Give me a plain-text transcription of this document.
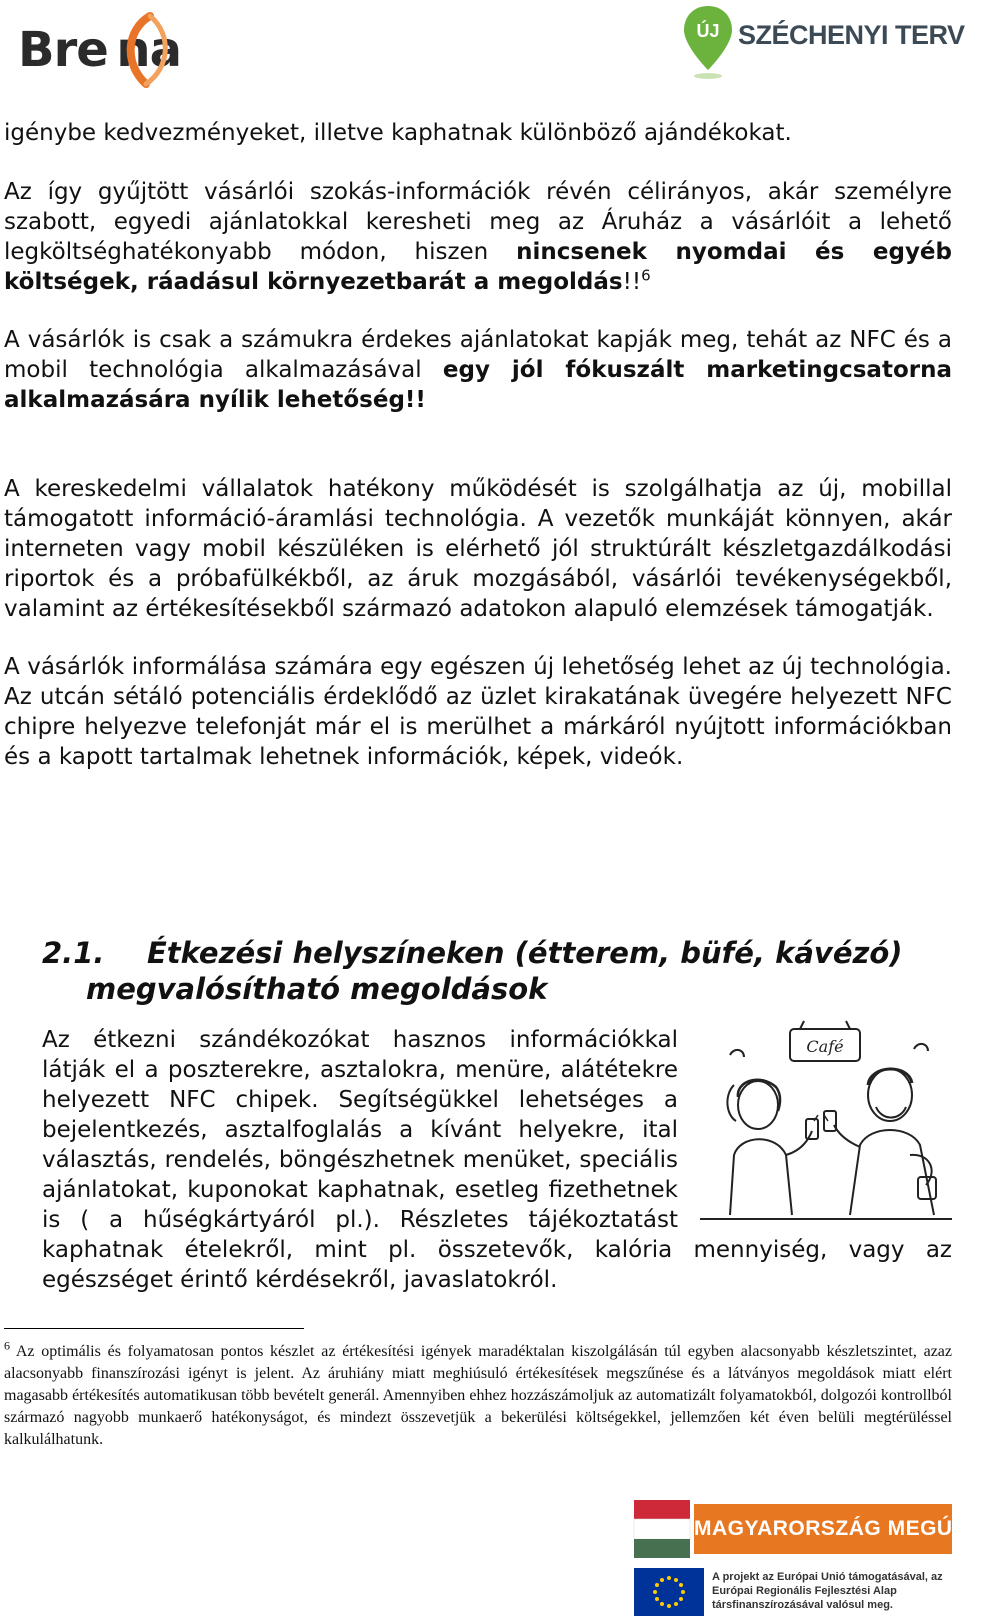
Bre na	ÚJ SZÉCHENYI TERV

igénybe kedvezményeket, illetve kaphatnak különböző ajándékokat.

Az így gyűjtött vásárlói szokás-információk révén célirányos, akár személyre szabott, egyedi ajánlatokkal keresheti meg az Áruház a vásárlóit a lehető legköltséghatékonyabb módon, hiszen nincsenek nyomdai és egyéb költségek, ráadásul környezetbarát a megoldás!!$^6$

A vásárlók is csak a számukra érdekes ajánlatokat kapják meg, tehát az NFC és a mobil technológia alkalmazásával egy jól fókuszált marketingcsatorna alkalmazására nyílik lehetőség!!

A kereskedelmi vállalatok hatékony működését is szolgálhatja az új, mobillal támogatott információ-áramlási technológia. A vezetők munkáját könnyen, akár interneten vagy mobil készüléken is elérhető jól struktúrált készletgazdálkodási riportok és a próbafülkékből, az áruk mozgásából, vásárlói tevékenységekből, valamint az értékesítésekből származó adatokon alapuló elemzések támogatják.

A vásárlók informálása számára egy egészen új lehetőség lehet az új technológia. Az utcán sétáló potenciális érdeklődő az üzlet kirakatának üvegére helyezett NFC chipre helyezve telefonját már el is merülhet a márkáról nyújtott információkban és a kapott tartalmak lehetnek információk, képek, videók.

2.1. Étkezési helyszíneken (étterem, büfé, kávézó)
megvalósítható megoldások
Café

Az étkezni szándékozókat hasznos információkkal látják el a poszterekre, asztalokra, menüre, alátétekre helyezett NFC chipek. Segítségükkel lehetséges a bejelentkezés, asztalfoglalás a kívánt helyekre, ital választás, rendelés, böngészhetnek menüket, speciális ajánlatokat, kuponokat kaphatnak, esetleg fizethetnek is ( a hűségkártyáról pl.). Részletes tájékoztatást kaphatnak ételekről, mint pl. összetevők, kalória mennyiség, vagy az egészséget érintő kérdésekről, javaslatokról.

$^6$ Az optimális és folyamatosan pontos készlet az értékesítési igények maradéktalan kiszolgálásán túl egyben alacsonyabb készletszintet, azaz alacsonyabb finanszírozási igényt is jelent. Az áruhiány miatt meghiúsuló értékesítések megszűnése és a látványos megoldások miatt elért magasabb értékesítés automatikusan több bevételt generál. Amennyiben ehhez hozzászámoljuk az automatizált folyamatokból, dolgozói kontrollból származó nagyobb munkaerő hatékonyságot, és mindezt összevetjük a bekerülési költségekkel, jellemzően két éven belüli megtérüléssel kalkulálhatunk.
MAGYARORSZÁG MEGÚJUL
A projekt az Európai Unió támogatásával, az Európai Regionális Fejlesztési Alap társfinanszírozásával valósul meg.
